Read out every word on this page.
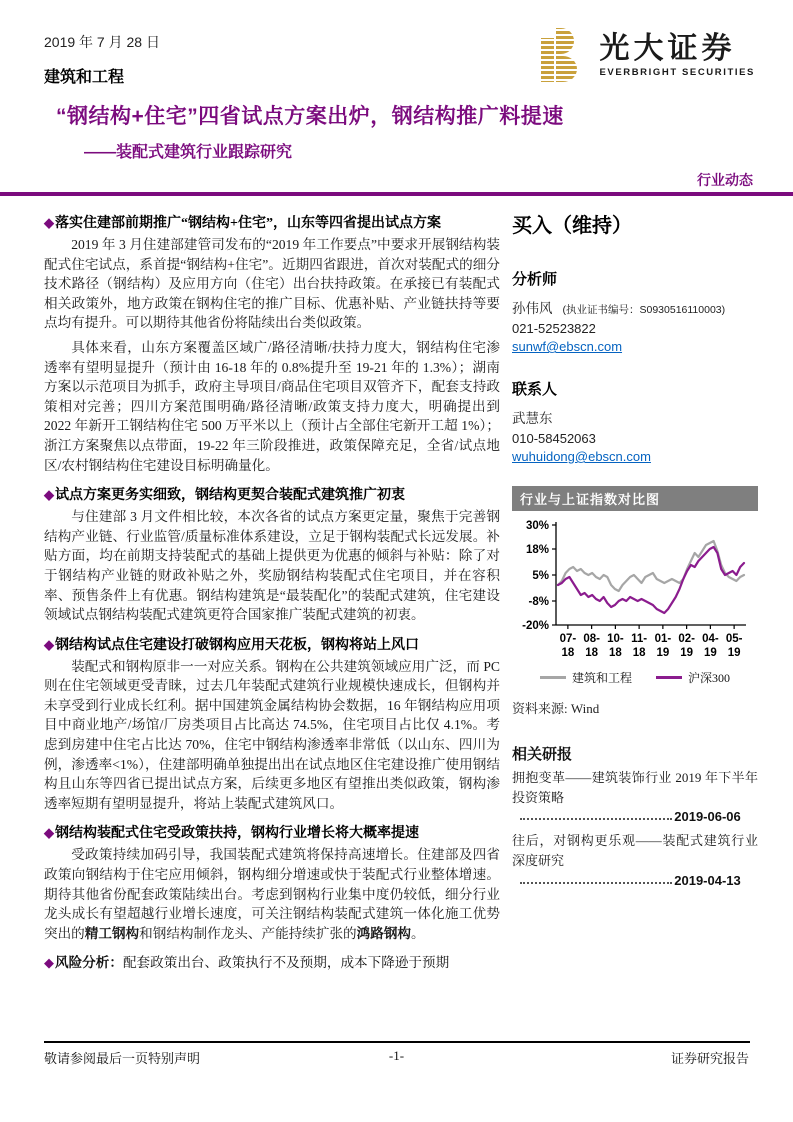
2019 年 7 月 28 日
建筑和工程
光大证券
EVERBRIGHT SECURITIES
“钢结构+住宅”四省试点方案出炉，钢结构推广料提速
——装配式建筑行业跟踪研究
行业动态
◆落实住建部前期推广“钢结构+住宅”，山东等四省提出试点方案

2019 年 3 月住建部建管司发布的“2019 年工作要点”中要求开展钢结构装配式住宅试点，系首提“钢结构+住宅”。近期四省跟进，首次对装配式的细分技术路径（钢结构）及应用方向（住宅）出台扶持政策。在承接已有装配式相关政策外，地方政策在钢构住宅的推广目标、优惠补贴、产业链扶持等要点均有提升。可以期待其他省份将陆续出台类似政策。

具体来看，山东方案覆盖区域广/路径清晰/扶持力度大，钢结构住宅渗透率有望明显提升（预计由 16-18 年的 0.8%提升至 19-21 年的 1.3%）；湖南方案以示范项目为抓手，政府主导项目/商品住宅项目双管齐下，配套支持政策相对完善；四川方案范围明确/路径清晰/政策支持力度大，明确提出到 2022 年新开工钢结构住宅 500 万平米以上（预计占全部住宅新开工超 1%）；浙江方案聚焦以点带面，19-22 年三阶段推进，政策保障充足，全省/试点地区/农村钢结构住宅建设目标明确量化。

◆试点方案更务实细致，钢结构更契合装配式建筑推广初衷

与住建部 3 月文件相比较，本次各省的试点方案更定量，聚焦于完善钢结构产业链、行业监管/质量标准体系建设，立足于钢构装配式长远发展。补贴方面，均在前期支持装配式的基础上提供更为优惠的倾斜与补贴：除了对于钢结构产业链的财政补贴之外，奖励钢结构装配式住宅项目，并在容积率、预售条件上有优惠。钢结构建筑是“最装配化”的装配式建筑，住宅建设领域试点钢结构装配式建筑更符合国家推广装配式建筑的初衷。

◆钢结构试点住宅建设打破钢构应用天花板，钢构将站上风口

装配式和钢构原非一一对应关系。钢构在公共建筑领域应用广泛，而 PC 则在住宅领域更受青睐，过去几年装配式建筑行业规模快速成长，但钢构并未享受到行业成长红利。据中国建筑金属结构协会数据，16 年钢结构应用项目中商业地产/场馆/厂房类项目占比高达 74.5%，住宅项目占比仅 4.1%。考虑到房建中住宅占比达 70%，住宅中钢结构渗透率非常低（以山东、四川为例，渗透率<1%），住建部明确单独提出出在试点地区住宅建设推广使用钢结构且山东等四省已提出试点方案，后续更多地区有望推出类似政策，钢构渗透率短期有望明显提升，将站上装配式建筑风口。

◆钢结构装配式住宅受政策扶持，钢构行业增长将大概率提速

受政策持续加码引导，我国装配式建筑将保持高速增长。住建部及四省政策向钢结构于住宅应用倾斜，钢构细分增速或快于装配式行业整体增速。期待其他省份配套政策陆续出台。考虑到钢构行业集中度仍较低，细分行业龙头成长有望超越行业增长速度，可关注钢结构装配式建筑一体化施工优势突出的精工钢构和钢结构制作龙头、产能持续扩张的鸿路钢构。

◆风险分析：配套政策出台、政策执行不及预期，成本下降逊于预期

买入（维持）
分析师
孙伟风 (执业证书编号：S0930516110003)
021-52523822
sunwf@ebscn.com
联系人
武慧东
010-58452063
wuhuidong@ebscn.com
行业与上证指数对比图
30%
18%
5%
-8%
-20%
07-
18
08-
18
10-
18
11-
18
01-
19
02-
19
04-
19
05-
19
建筑和工程	沪深300
资料来源: Wind
相关研报
拥抱变革——建筑装饰行业 2019 年下半年投资策略
2019-06-06
往后，对钢构更乐观——装配式建筑行业深度研究
2019-04-13
敬请参阅最后一页特别声明	-1-	证券研究报告
